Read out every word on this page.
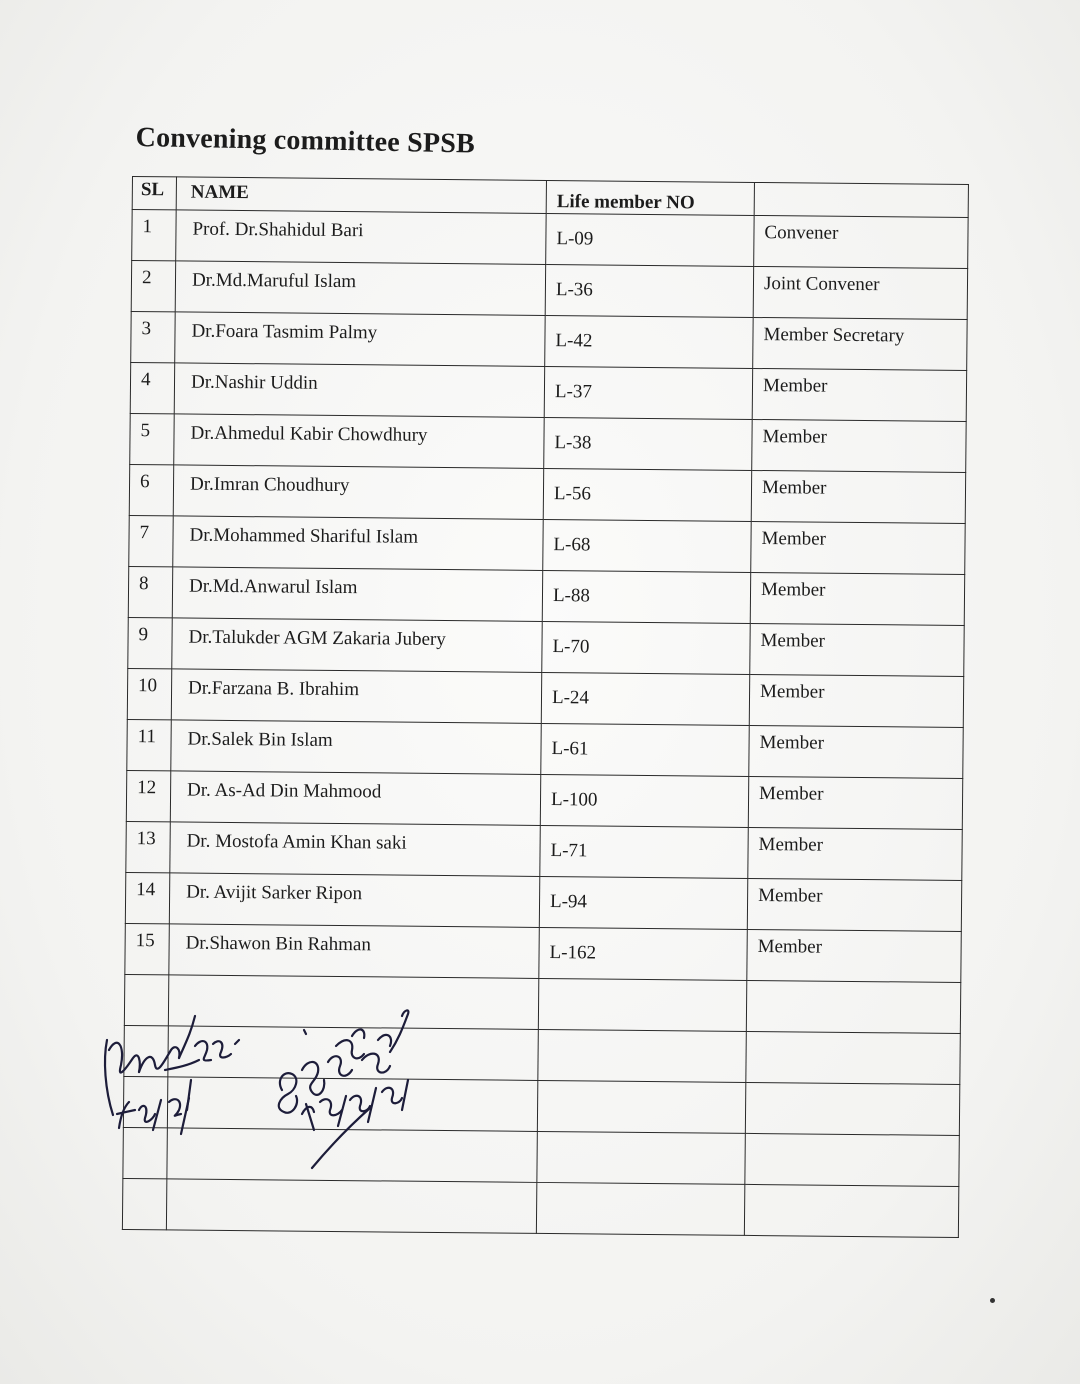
Convening committee SPSB
SL	NAME	Life member NO	

1	Prof. Dr.Shahidul Bari	L-09	Convener

2	Dr.Md.Maruful Islam	L-36	Joint Convener

3	Dr.Foara Tasmim Palmy	L-42	Member Secretary

4	Dr.Nashir Uddin	L-37	Member

5	Dr.Ahmedul Kabir Chowdhury	L-38	Member

6	Dr.Imran Choudhury	L-56	Member

7	Dr.Mohammed Shariful Islam	L-68	Member

8	Dr.Md.Anwarul Islam	L-88	Member

9	Dr.Talukder AGM Zakaria Jubery	L-70	Member

10	Dr.Farzana B. Ibrahim	L-24	Member

11	Dr.Salek Bin Islam	L-61	Member

12	Dr. As-Ad Din Mahmood	L-100	Member

13	Dr. Mostofa Amin Khan saki	L-71	Member

14	Dr. Avijit Sarker Ripon	L-94	Member

15	Dr.Shawon Bin Rahman	L-162	Member
